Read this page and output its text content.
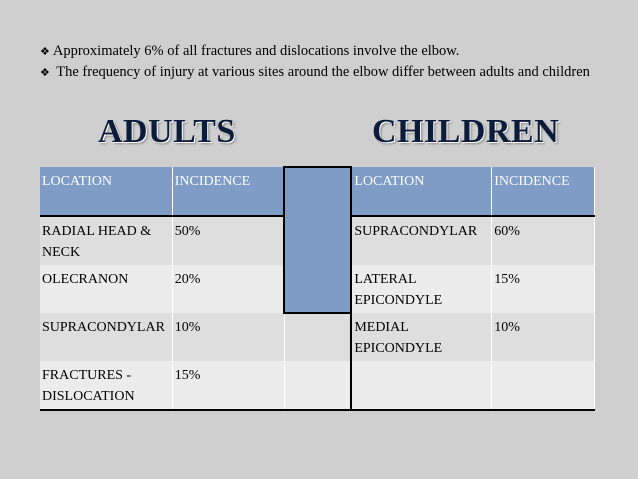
❖ Approximately 6% of all fractures and dislocations involve the elbow.
❖ The frequency of injury at various sites around the elbow differ between adults and children
ADULTS	CHILDREN
LOCATION	INCIDENCE		LOCATION	INCIDENCE
RADIAL HEAD & NECK	50%		SUPRACONDYLAR	60%
OLECRANON	20%		LATERAL EPICONDYLE	15%
SUPRACONDYLAR	10%		MEDIAL EPICONDYLE	10%
FRACTURES - DISLOCATION	15%			
